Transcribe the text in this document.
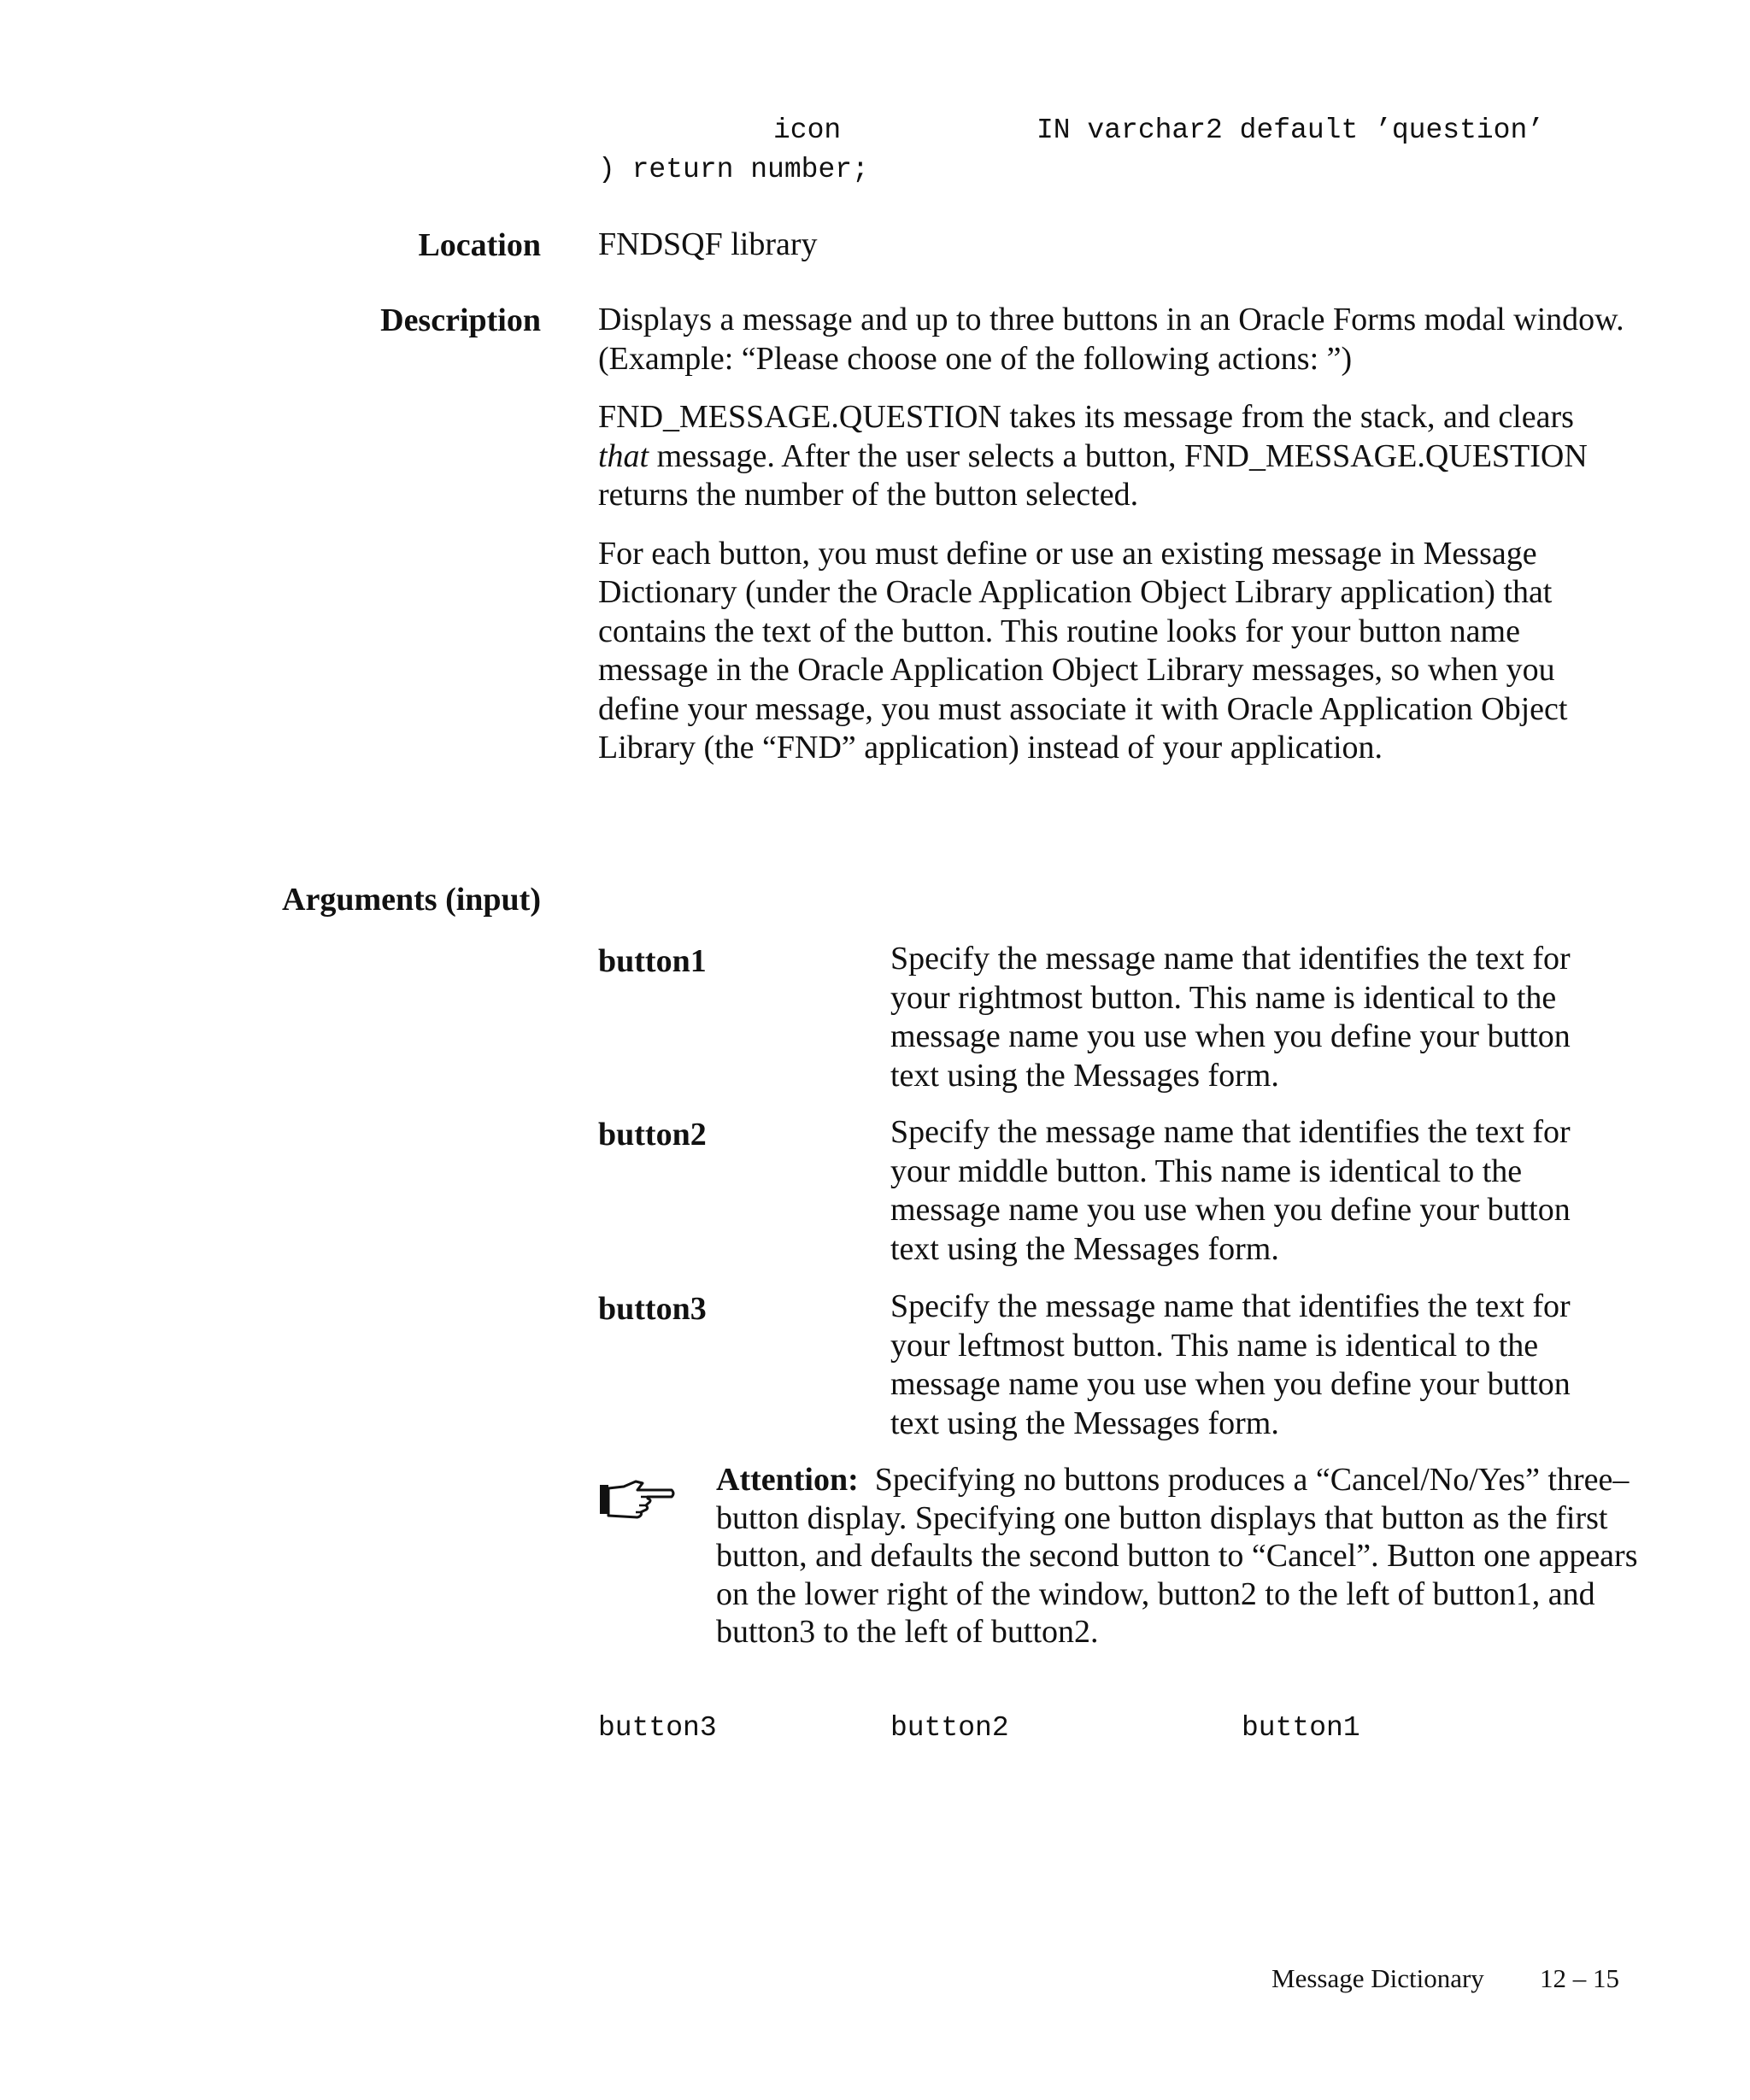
icon	IN varchar2 default ’question’
) return number;
Location FNDSQF library
Description Displays a message and up to three buttons in an Oracle Forms modal window. (Example: “Please choose one of the following actions: ”)

FND_MESSAGE.QUESTION takes its message from the stack, and clears that message. After the user selects a button, FND_MESSAGE.QUESTION returns the number of the button selected.

For each button, you must define or use an existing message in Message Dictionary (under the Oracle Application Object Library application) that contains the text of the button. This routine looks for your button name message in the Oracle Application Object Library messages, so when you define your message, you must associate it with Oracle Application Object Library (the “FND” application) instead of your application.

Arguments (input)
button1	Specify the message name that identifies the text for your rightmost button. This name is identical to the message name you use when you define your button text using the Messages form.
button2	Specify the message name that identifies the text for your middle button. This name is identical to the message name you use when you define your button text using the Messages form.
button3	Specify the message name that identifies the text for your leftmost button. This name is identical to the message name you use when you define your button text using the Messages form.
Attention: Specifying no buttons produces a “Cancel/No/Yes” three–button display. Specifying one button displays that button as the first button, and defaults the second button to “Cancel”. Button one appears on the lower right of the window, button2 to the left of button1, and button3 to the left of button2.
button3	button2	button1
Message Dictionary 12 – 15
